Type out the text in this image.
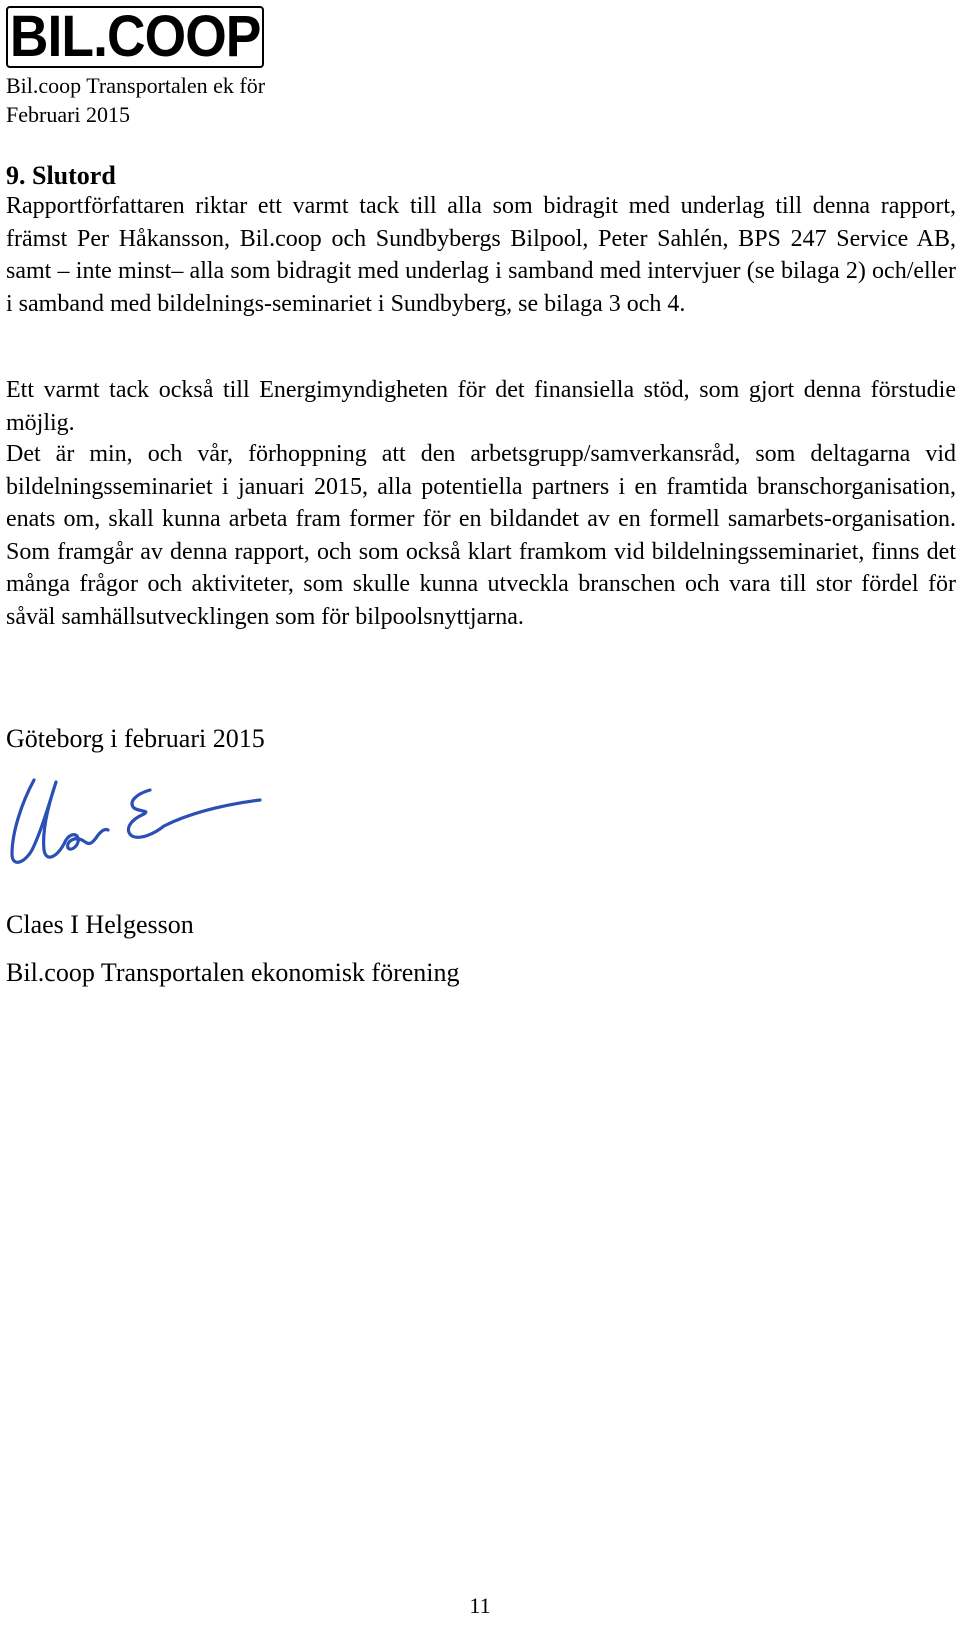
BIL.COOP
Bil.coop Transportalen ek för
Februari 2015
9. Slutord

Rapportförfattaren riktar ett varmt tack till alla som bidragit med underlag till denna rapport, främst Per Håkansson, Bil.coop och Sundbybergs Bilpool, Peter Sahlén, BPS 247 Service AB, samt – inte minst– alla som bidragit med underlag i samband med intervjuer (se bilaga 2) och/eller i samband med bildelnings-seminariet i Sundbyberg, se bilaga 3 och 4.

Ett varmt tack också till Energimyndigheten för det finansiella stöd, som gjort denna förstudie möjlig.

Det är min, och vår, förhoppning att den arbetsgrupp/samverkansråd, som deltagarna vid bildelningsseminariet i januari 2015, alla potentiella partners i en framtida branschorganisation, enats om, skall kunna arbeta fram former för en bildandet av en formell samarbets-organisation. Som framgår av denna rapport, och som också klart framkom vid bildelningsseminariet, finns det många frågor och aktiviteter, som skulle kunna utveckla branschen och vara till stor fördel för såväl samhällsutvecklingen som för bilpoolsnyttjarna.

Göteborg i februari 2015
Claes I Helgesson
Bil.coop Transportalen ekonomisk förening
11
